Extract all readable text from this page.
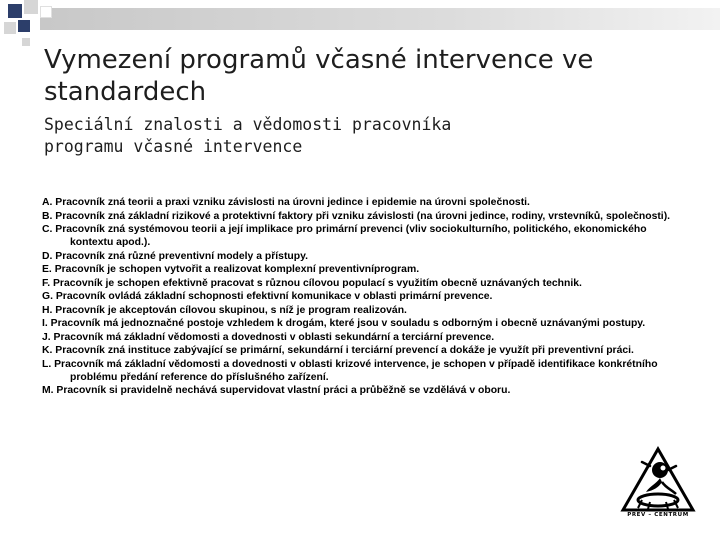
Vymezení programů včasné intervence ve standardech
Speciální znalosti a vědomosti pracovníka programu včasné intervence
A. Pracovník zná teorii a praxi vzniku závislosti na úrovni jedince i epidemie na úrovni společnosti.
B. Pracovník zná základní rizikové a protektivní faktory při vzniku závislosti (na úrovni jedince, rodiny, vrstevníků, společnosti).
C. Pracovník zná systémovou teorii a její implikace pro primární prevenci (vliv sociokulturního, politického, ekonomického kontextu apod.).
D. Pracovník zná různé preventivní modely a přístupy.
E. Pracovník je schopen vytvořit a realizovat komplexní preventivníprogram.
F. Pracovník je schopen efektivně pracovat s různou cílovou populací s využitím obecně uznávaných technik.
G. Pracovník ovládá základní schopnosti efektivní komunikace v oblasti primární prevence.
H. Pracovník je akceptován cílovou skupinou, s níž je program realizován.
I. Pracovník má jednoznačné postoje vzhledem k drogám, které jsou v souladu s odborným i obecně uznávanými postupy.
J. Pracovník má základní vědomosti a dovednosti v oblasti sekundární a terciární prevence.
K. Pracovník zná instituce zabývající se primární, sekundární i terciární prevencí a dokáže je využít při preventivní práci.
L. Pracovník má základní vědomosti a dovednosti v oblasti krizové intervence, je schopen v případě identifikace konkrétního problému předání reference do příslušného zařízení.
M. Pracovník si pravidelně nechává supervidovat vlastní práci a průběžně se vzdělává v oboru.
PREV – CENTRUM
